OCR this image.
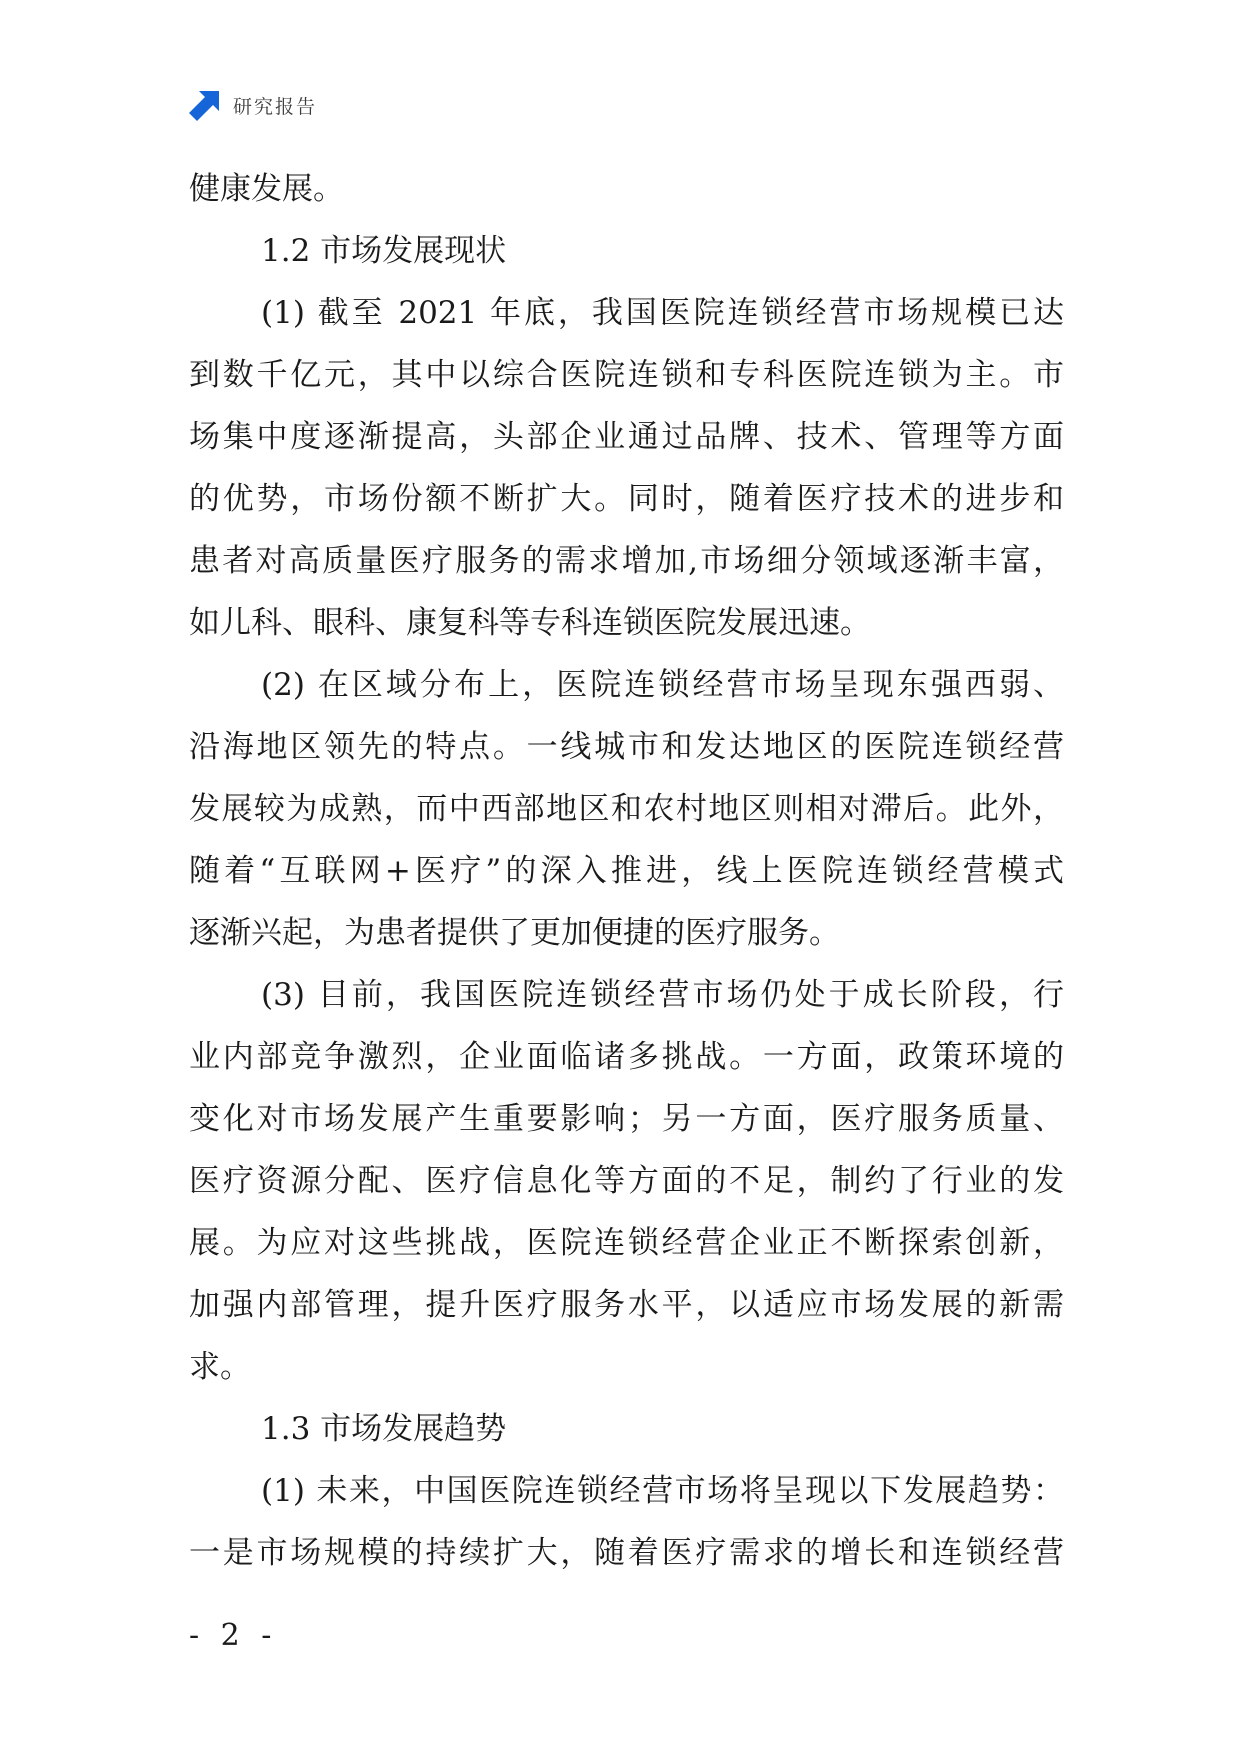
研究报告
健康发展。
1.2 市场发展现状
(1) 截至 2021 年底，我国医院连锁经营市场规模已达
到数千亿元，其中以综合医院连锁和专科医院连锁为主。市
场集中度逐渐提高，头部企业通过品牌、技术、管理等方面
的优势，市场份额不断扩大。同时，随着医疗技术的进步和
患者对高质量医疗服务的需求增加,市场细分领域逐渐丰富，
如儿科、眼科、康复科等专科连锁医院发展迅速。
(2) 在区域分布上，医院连锁经营市场呈现东强西弱、
沿海地区领先的特点。一线城市和发达地区的医院连锁经营
发展较为成熟，而中西部地区和农村地区则相对滞后。此外，
随着“互联网+医疗”的深入推进，线上医院连锁经营模式
逐渐兴起，为患者提供了更加便捷的医疗服务。
(3) 目前，我国医院连锁经营市场仍处于成长阶段，行
业内部竞争激烈，企业面临诸多挑战。一方面，政策环境的
变化对市场发展产生重要影响；另一方面，医疗服务质量、
医疗资源分配、医疗信息化等方面的不足，制约了行业的发
展。为应对这些挑战，医院连锁经营企业正不断探索创新，
加强内部管理，提升医疗服务水平，以适应市场发展的新需
求。
1.3 市场发展趋势
(1) 未来，中国医院连锁经营市场将呈现以下发展趋势：
一是市场规模的持续扩大，随着医疗需求的增长和连锁经营
- 2 -
